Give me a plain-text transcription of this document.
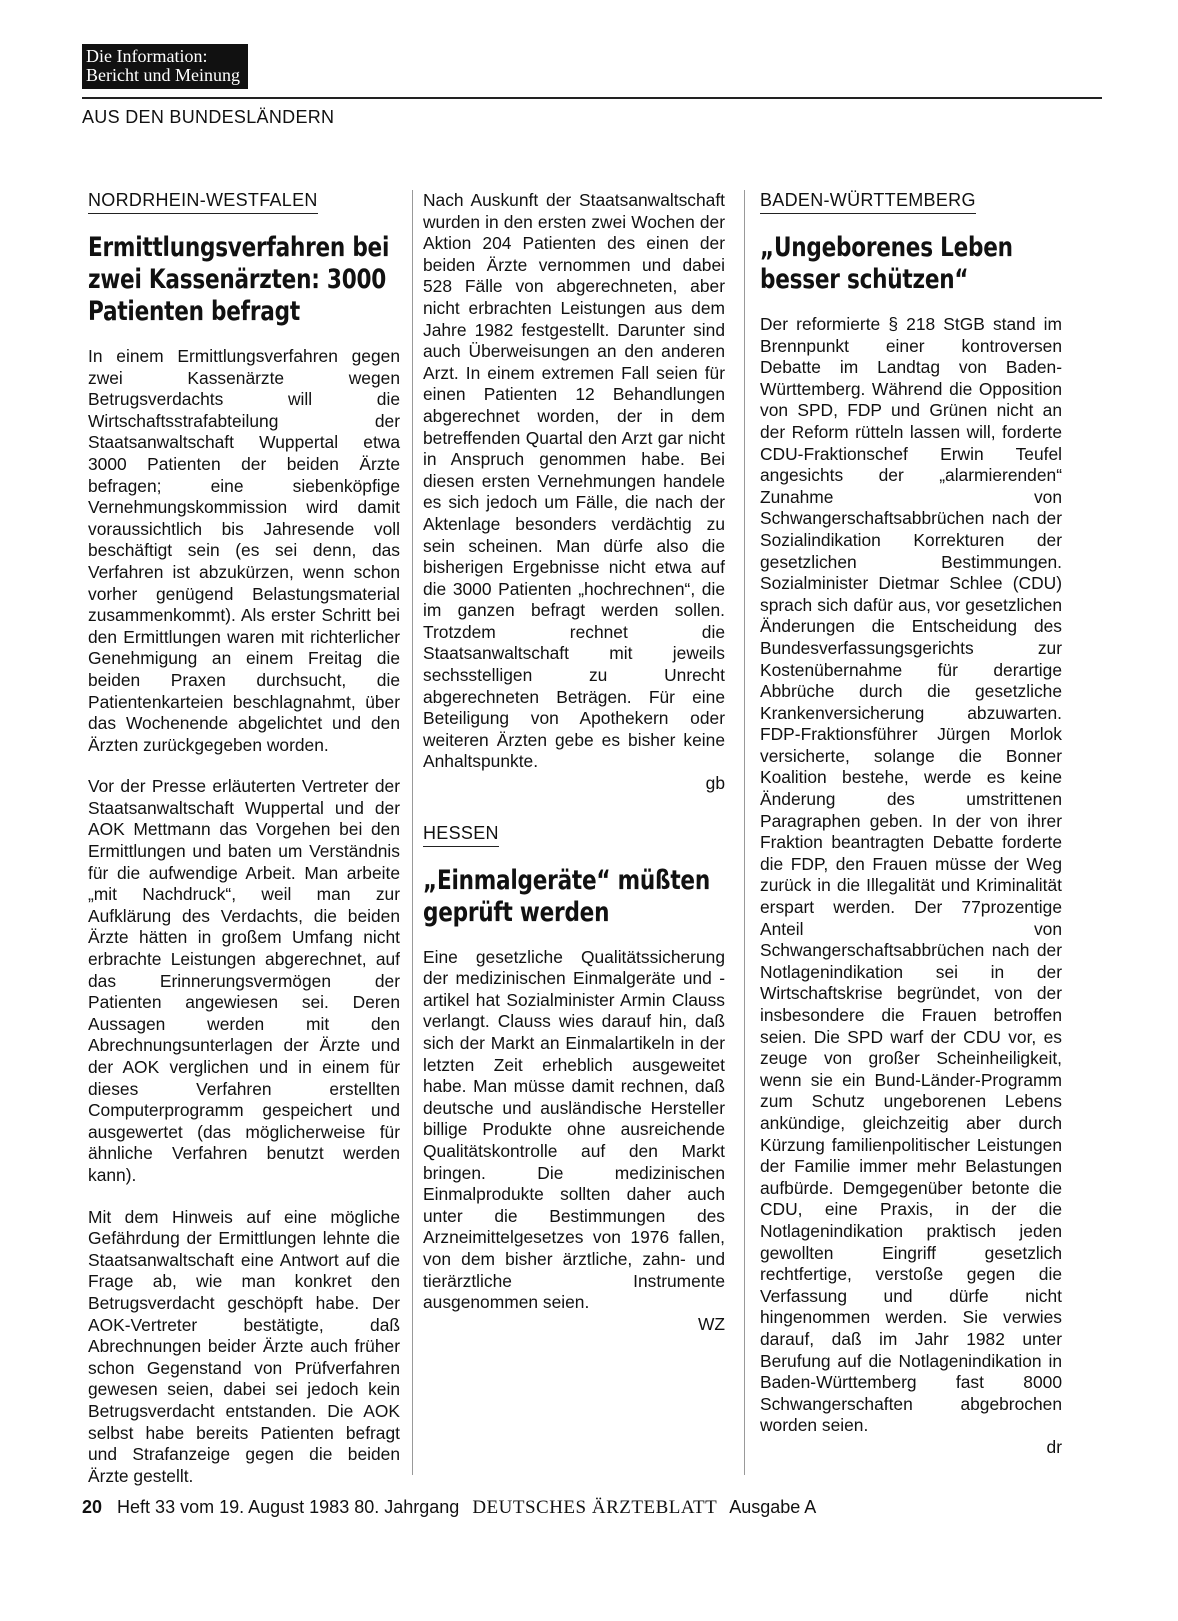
Die Information:
Bericht und Meinung
AUS DEN BUNDESLÄNDERN
NORDRHEIN-WESTFALEN
Ermittlungsverfahren bei zwei Kassenärzten: 3000 Patienten befragt

In einem Ermittlungsverfahren gegen zwei Kassenärzte wegen Betrugsverdachts will die Wirtschaftsstrafabteilung der Staatsanwaltschaft Wuppertal etwa 3000 Patienten der beiden Ärzte befragen; eine siebenköpfige Vernehmungskommission wird damit voraussichtlich bis Jahresende voll beschäftigt sein (es sei denn, das Verfahren ist abzukürzen, wenn schon vorher genügend Belastungsmaterial zusammenkommt). Als erster Schritt bei den Ermittlungen waren mit richterlicher Genehmigung an einem Freitag die beiden Praxen durchsucht, die Patientenkarteien beschlagnahmt, über das Wochenende abgelichtet und den Ärzten zurückgegeben worden.

Vor der Presse erläuterten Vertreter der Staatsanwaltschaft Wuppertal und der AOK Mettmann das Vorgehen bei den Ermittlungen und baten um Verständnis für die aufwendige Arbeit. Man arbeite „mit Nachdruck“, weil man zur Aufklärung des Verdachts, die beiden Ärzte hätten in großem Umfang nicht erbrachte Leistungen abgerechnet, auf das Erinnerungsvermögen der Patienten angewiesen sei. Deren Aussagen werden mit den Abrechnungsunterlagen der Ärzte und der AOK verglichen und in einem für dieses Verfahren erstellten Computerprogramm gespeichert und ausgewertet (das möglicherweise für ähnliche Verfahren benutzt werden kann).

Mit dem Hinweis auf eine mögliche Gefährdung der Ermittlungen lehnte die Staatsanwaltschaft eine Antwort auf die Frage ab, wie man konkret den Betrugsverdacht geschöpft habe. Der AOK-Vertreter bestätigte, daß Abrechnungen beider Ärzte auch früher schon Gegenstand von Prüfverfahren gewesen seien, dabei sei jedoch kein Betrugsverdacht entstanden. Die AOK selbst habe bereits Patienten befragt und Strafanzeige gegen die beiden Ärzte gestellt.

Nach Auskunft der Staatsanwaltschaft wurden in den ersten zwei Wochen der Aktion 204 Patienten des einen der beiden Ärzte vernommen und dabei 528 Fälle von abgerechneten, aber nicht erbrachten Leistungen aus dem Jahre 1982 festgestellt. Darunter sind auch Überweisungen an den anderen Arzt. In einem extremen Fall seien für einen Patienten 12 Behandlungen abgerechnet worden, der in dem betreffenden Quartal den Arzt gar nicht in Anspruch genommen habe. Bei diesen ersten Vernehmungen handele es sich jedoch um Fälle, die nach der Aktenlage besonders verdächtig zu sein scheinen. Man dürfe also die bisherigen Ergebnisse nicht etwa auf die 3000 Patienten „hochrechnen“, die im ganzen befragt werden sollen. Trotzdem rechnet die Staatsanwaltschaft mit jeweils sechsstelligen zu Unrecht abgerechneten Beträgen. Für eine Beteiligung von Apothekern oder weiteren Ärzten gebe es bisher keine Anhaltspunkte.

gb

HESSEN
„Einmalgeräte“ müßten geprüft werden

Eine gesetzliche Qualitätssicherung der medizinischen Einmalgeräte und -artikel hat Sozialminister Armin Clauss verlangt. Clauss wies darauf hin, daß sich der Markt an Einmalartikeln in der letzten Zeit erheblich ausgeweitet habe. Man müsse damit rechnen, daß deutsche und ausländische Hersteller billige Produkte ohne ausreichende Qualitätskontrolle auf den Markt bringen. Die medizinischen Einmalprodukte sollten daher auch unter die Bestimmungen des Arzneimittelgesetzes von 1976 fallen, von dem bisher ärztliche, zahn- und tierärztliche Instrumente ausgenommen seien.

WZ

BADEN-WÜRTTEMBERG
„Ungeborenes Leben besser schützen“

Der reformierte § 218 StGB stand im Brennpunkt einer kontroversen Debatte im Landtag von Baden-Württemberg. Während die Opposition von SPD, FDP und Grünen nicht an der Reform rütteln lassen will, forderte CDU-Fraktionschef Erwin Teufel angesichts der „alarmierenden“ Zunahme von Schwangerschaftsabbrüchen nach der Sozialindikation Korrekturen der gesetzlichen Bestimmungen. Sozialminister Dietmar Schlee (CDU) sprach sich dafür aus, vor gesetzlichen Änderungen die Entscheidung des Bundesverfassungsgerichts zur Kostenübernahme für derartige Abbrüche durch die gesetzliche Krankenversicherung abzuwarten. FDP-Fraktionsführer Jürgen Morlok versicherte, solange die Bonner Koalition bestehe, werde es keine Änderung des umstrittenen Paragraphen geben. In der von ihrer Fraktion beantragten Debatte forderte die FDP, den Frauen müsse der Weg zurück in die Illegalität und Kriminalität erspart werden. Der 77prozentige Anteil von Schwangerschaftsabbrüchen nach der Notlagenindikation sei in der Wirtschaftskrise begründet, von der insbesondere die Frauen betroffen seien. Die SPD warf der CDU vor, es zeuge von großer Scheinheiligkeit, wenn sie ein Bund-Länder-Programm zum Schutz ungeborenen Lebens ankündige, gleichzeitig aber durch Kürzung familienpolitischer Leistungen der Familie immer mehr Belastungen aufbürde. Demgegenüber betonte die CDU, eine Praxis, in der die Notlagenindikation praktisch jeden gewollten Eingriff gesetzlich rechtfertige, verstoße gegen die Verfassung und dürfe nicht hingenommen werden. Sie verwies darauf, daß im Jahr 1982 unter Berufung auf die Notlagenindikation in Baden-Württemberg fast 8000 Schwangerschaften abgebrochen worden seien.

dr

20 Heft 33 vom 19. August 1983 80. Jahrgang DEUTSCHES ÄRZTEBLATT Ausgabe A
